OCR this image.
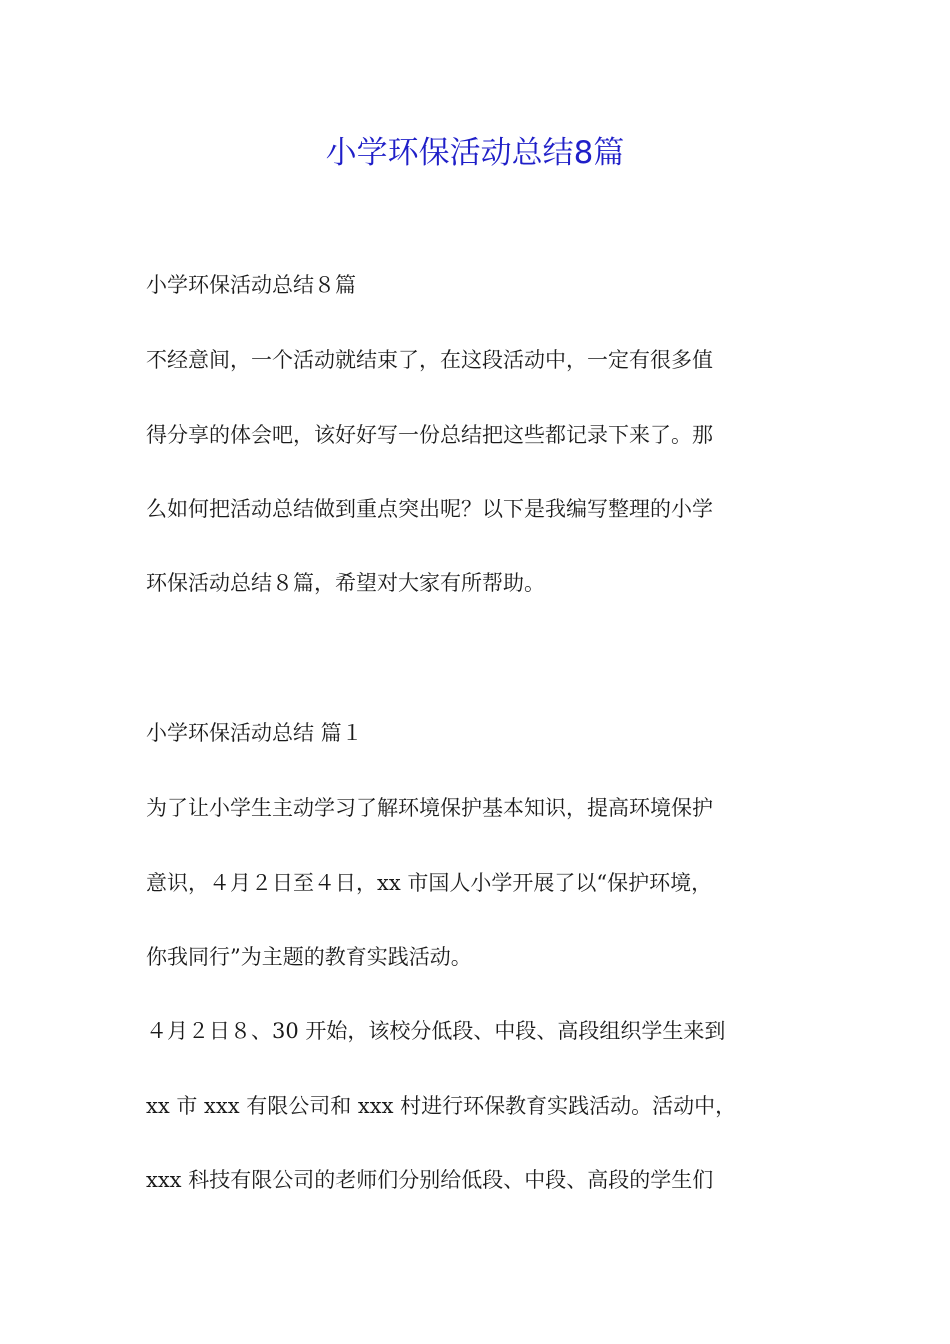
小学环保活动总结8篇
小学环保活动总结８篇
不经意间，一个活动就结束了，在这段活动中，一定有很多值
得分享的体会吧，该好好写一份总结把这些都记录下来了。那
么如何把活动总结做到重点突出呢？以下是我编写整理的小学
环保活动总结８篇，希望对大家有所帮助。
小学环保活动总结 篇１
为了让小学生主动学习了解环境保护基本知识，提高环境保护
意识，４月２日至４日，xx 市国人小学开展了以“保护环境，
你我同行”为主题的教育实践活动。
４月２日８、30 开始，该校分低段、中段、高段组织学生来到
xx 市 xxx 有限公司和 xxx 村进行环保教育实践活动。活动中，
xxx 科技有限公司的老师们分别给低段、中段、高段的学生们
